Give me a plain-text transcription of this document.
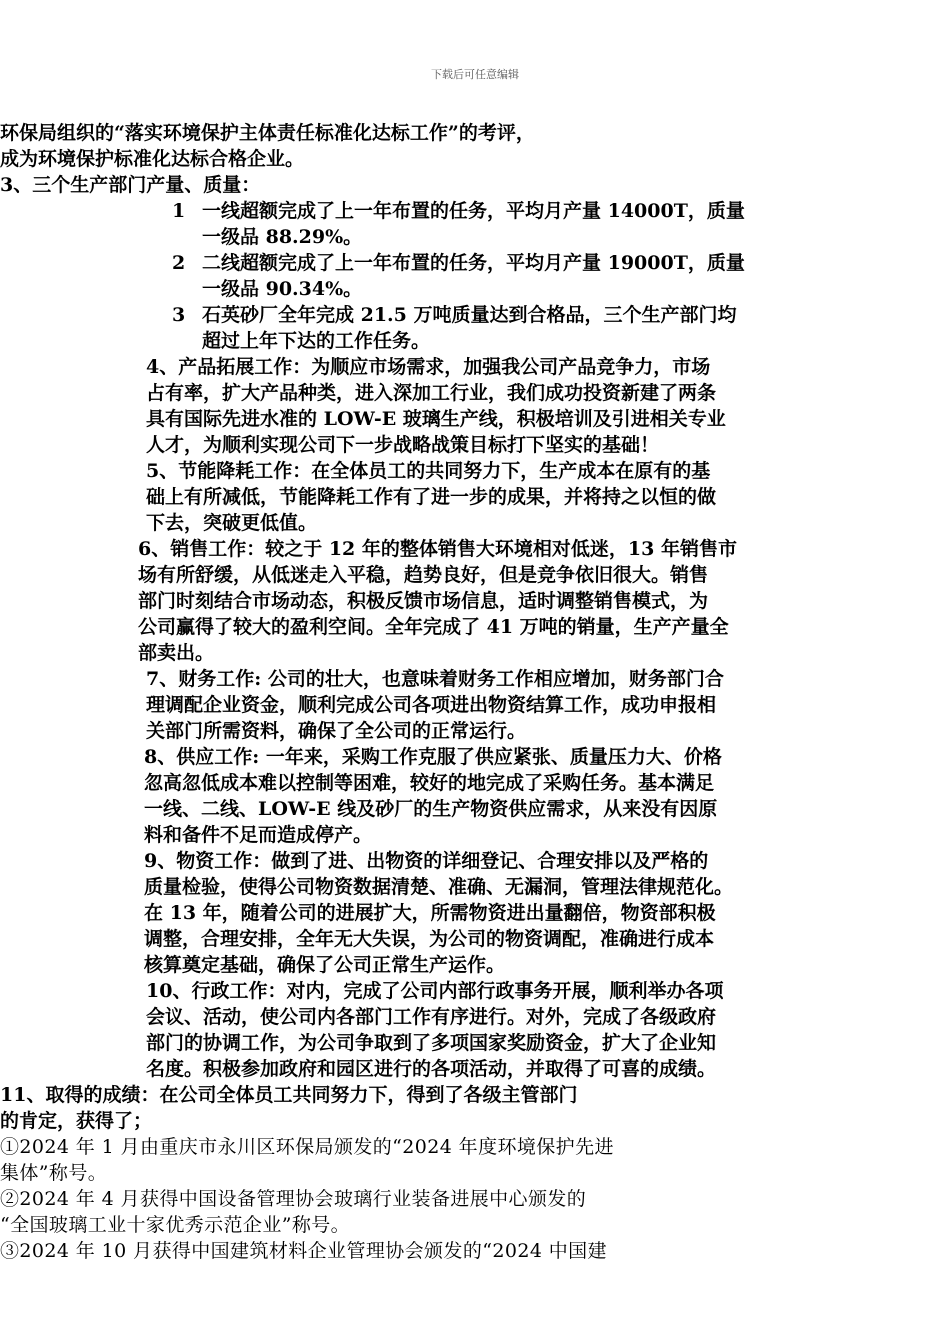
下载后可任意编辑

环保局组织的“落实环境保护主体责任标准化达标工作”的考评，

成为环境保护标准化达标合格企业。

3、三个生产部门产量、质量：

1 一线超额完成了上一年布置的任务，平均月产量 14000T，质量

一级品 88.29%。

2 二线超额完成了上一年布置的任务，平均月产量 19000T，质量

一级品 90.34%。

3 石英砂厂全年完成 21.5 万吨质量达到合格品，三个生产部门均

超过上年下达的工作任务。

4、产品拓展工作：为顺应市场需求，加强我公司产品竞争力，市场

占有率，扩大产品种类，进入深加工行业，我们成功投资新建了两条

具有国际先进水准的 LOW-E 玻璃生产线，积极培训及引进相关专业

人才，为顺利实现公司下一步战略战策目标打下坚实的基础！

5、节能降耗工作：在全体员工的共同努力下，生产成本在原有的基

础上有所减低，节能降耗工作有了进一步的成果，并将持之以恒的做

下去，突破更低值。

6、销售工作：较之于 12 年的整体销售大环境相对低迷，13 年销售市

场有所舒缓，从低迷走入平稳，趋势良好，但是竞争依旧很大。销售

部门时刻结合市场动态，积极反馈市场信息，适时调整销售模式，为

公司赢得了较大的盈利空间。全年完成了 41 万吨的销量，生产产量全

部卖出。

7、财务工作: 公司的壮大，也意味着财务工作相应增加，财务部门合

理调配企业资金，顺利完成公司各项进出物资结算工作，成功申报相

关部门所需资料，确保了全公司的正常运行。

8、供应工作: 一年来，采购工作克服了供应紧张、质量压力大、价格

忽高忽低成本难以控制等困难，较好的地完成了采购任务。基本满足

一线、二线、LOW-E 线及砂厂的生产物资供应需求，从来没有因原

料和备件不足而造成停产。

9、物资工作：做到了进、出物资的详细登记、合理安排以及严格的

质量检验，使得公司物资数据清楚、准确、无漏洞，管理法律规范化。

在 13 年，随着公司的进展扩大，所需物资进出量翻倍，物资部积极

调整，合理安排，全年无大失误，为公司的物资调配，准确进行成本

核算奠定基础，确保了公司正常生产运作。

10、行政工作：对内，完成了公司内部行政事务开展，顺利举办各项

会议、活动，使公司内各部门工作有序进行。对外，完成了各级政府

部门的协调工作，为公司争取到了多项国家奖励资金，扩大了企业知

名度。积极参加政府和园区进行的各项活动，并取得了可喜的成绩。

11、取得的成绩：在公司全体员工共同努力下，得到了各级主管部门

的肯定，获得了；

①2024 年 1 月由重庆市永川区环保局颁发的“2024 年度环境保护先进

集体”称号。

②2024 年 4 月获得中国设备管理协会玻璃行业装备进展中心颁发的

“全国玻璃工业十家优秀示范企业”称号。

③2024 年 10 月获得中国建筑材料企业管理协会颁发的“2024 中国建
